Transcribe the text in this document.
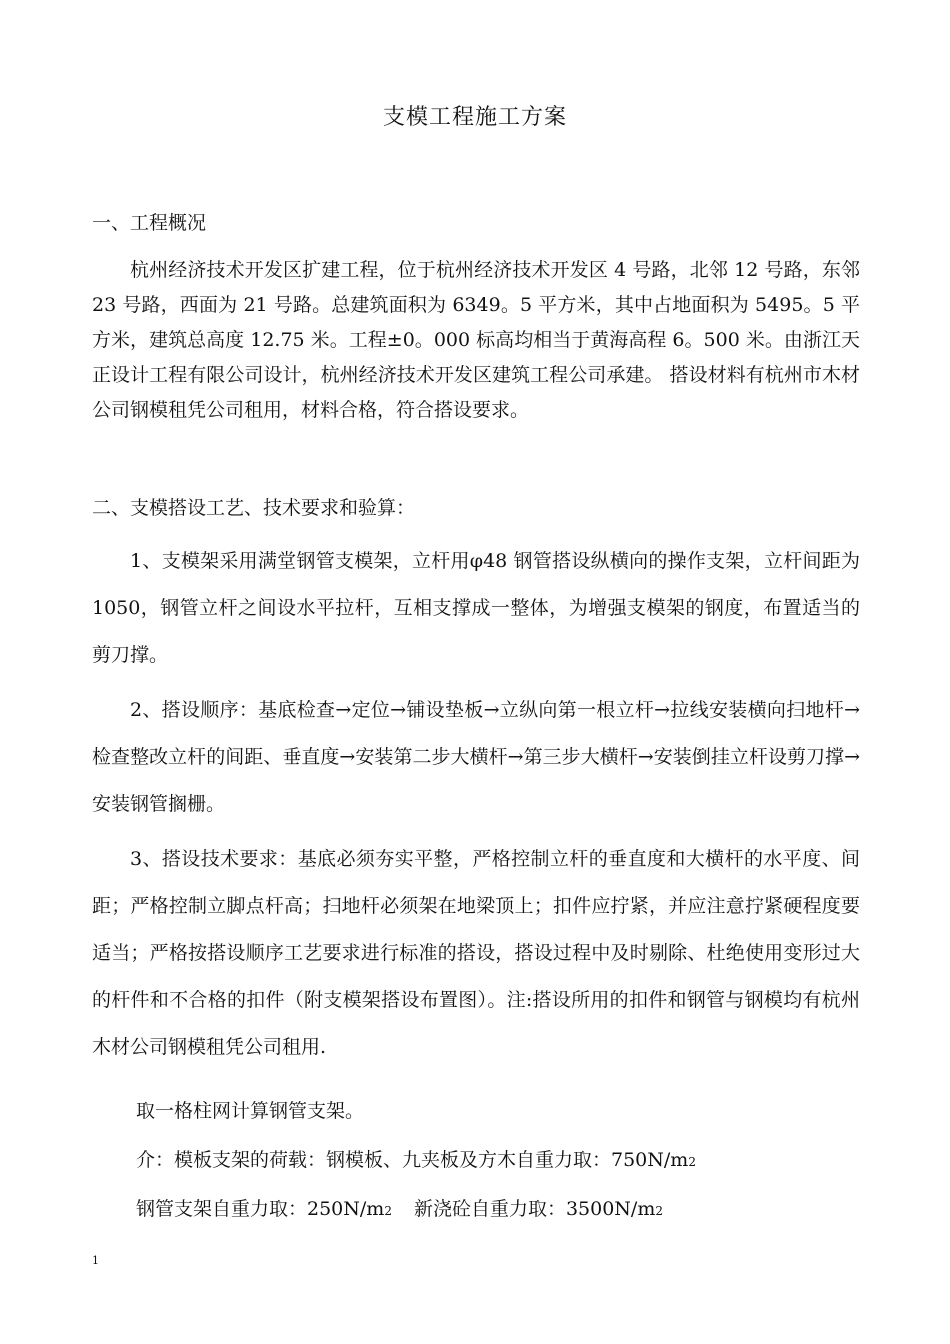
支模工程施工方案
一、工程概况

杭州经济技术开发区扩建工程，位于杭州经济技术开发区 4 号路，北邻 12 号路，东邻 23 号路，西面为 21 号路。总建筑面积为 6349。5 平方米，其中占地面积为 5495。5 平方米，建筑总高度 12.75 米。工程±0。000 标高均相当于黄海高程 6。500 米。由浙江天正设计工程有限公司设计，杭州经济技术开发区建筑工程公司承建。 搭设材料有杭州市木材公司钢模租凭公司租用，材料合格，符合搭设要求。

二、支模搭设工艺、技术要求和验算：

1、支模架采用满堂钢管支模架，立杆用φ48 钢管搭设纵横向的操作支架，立杆间距为 1050，钢管立杆之间设水平拉杆，互相支撑成一整体，为增强支模架的钢度，布置适当的剪刀撑。

2、搭设顺序：基底检查→定位→铺设垫板→立纵向第一根立杆→拉线安装横向扫地杆→检查整改立杆的间距、垂直度→安装第二步大横杆→第三步大横杆→安装倒挂立杆设剪刀撑→安装钢管搁栅。

3、搭设技术要求：基底必须夯实平整，严格控制立杆的垂直度和大横杆的水平度、间距；严格控制立脚点杆高；扫地杆必须架在地梁顶上；扣件应拧紧，并应注意拧紧硬程度要适当；严格按搭设顺序工艺要求进行标准的搭设，搭设过程中及时剔除、杜绝使用变形过大的杆件和不合格的扣件（附支模架搭设布置图）。注:搭设所用的扣件和钢管与钢模均有杭州木材公司钢模租凭公司租用.

取一格柱网计算钢管支架。
介：模板支架的荷载：钢模板、九夹板及方木自重力取：750N/m2
钢管支架自重力取：250N/m2 新浇砼自重力取：3500N/m2
1
